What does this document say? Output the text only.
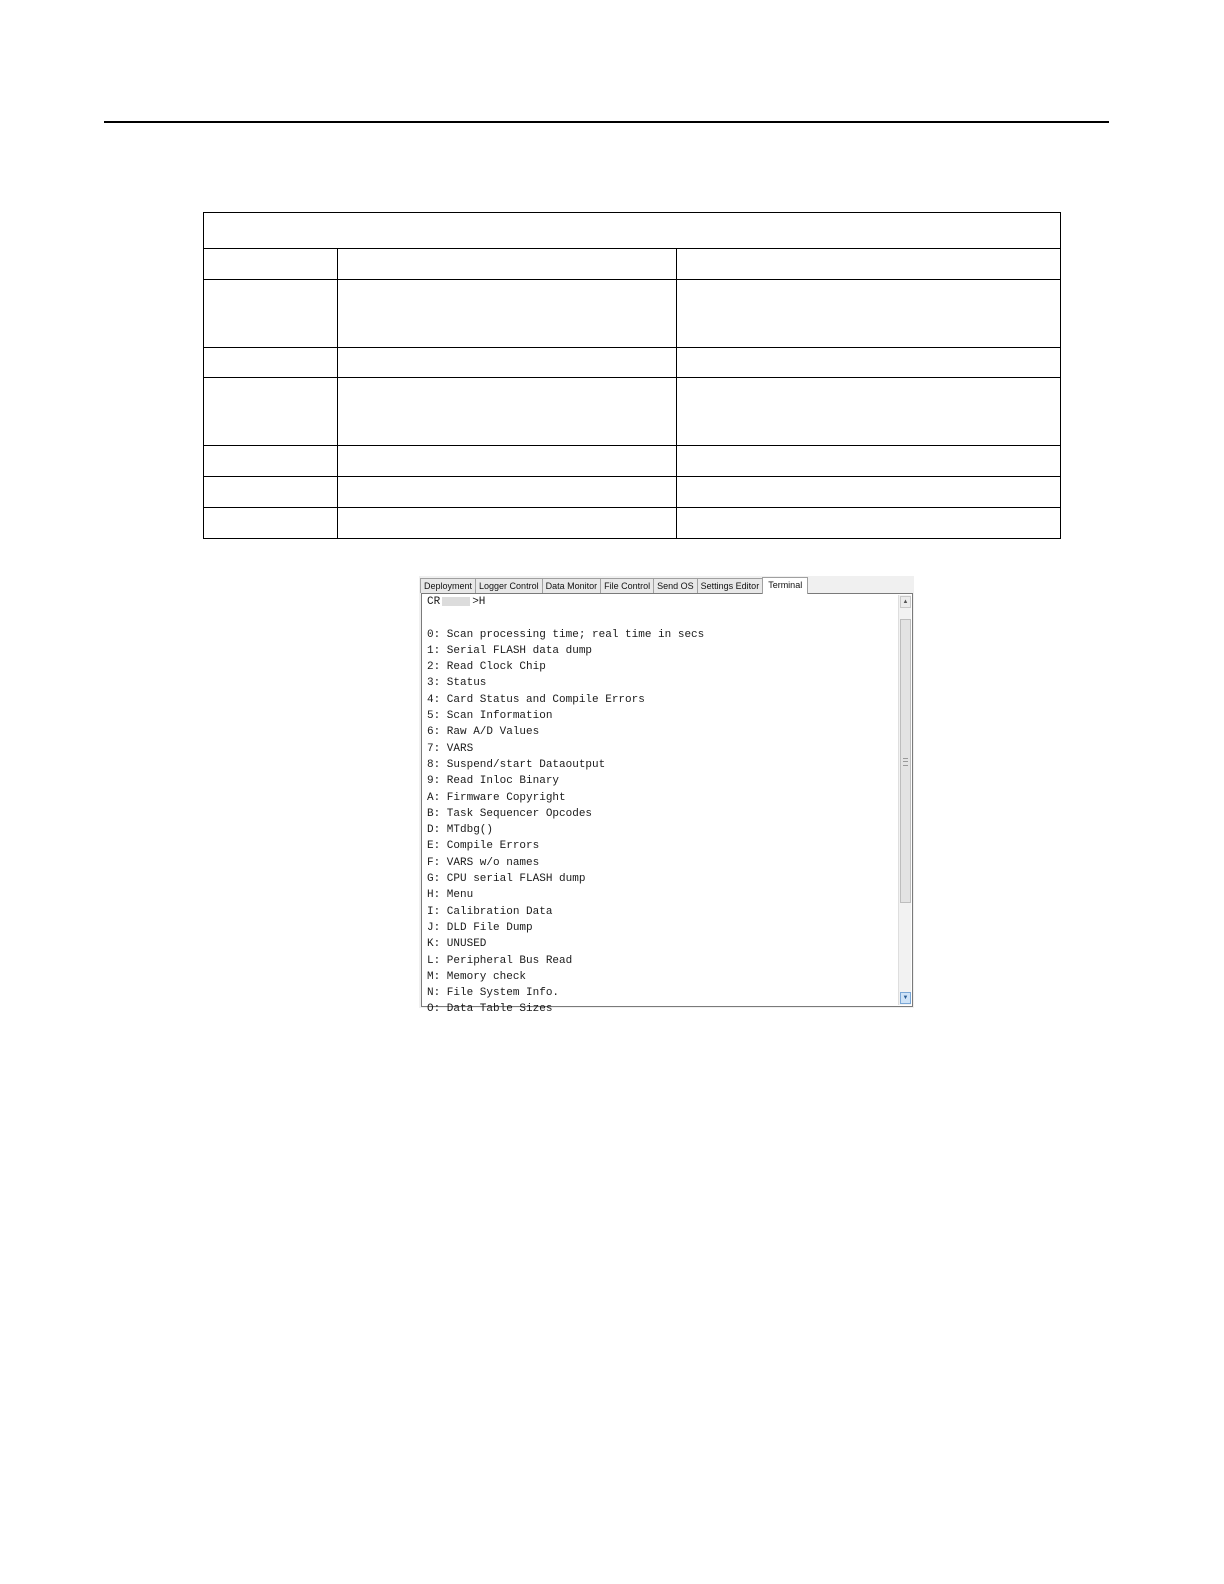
Deployment Logger Control Data Monitor File Control Send OS Settings Editor	Terminal
CR	>H

0: Scan processing time; real time in secs
1: Serial FLASH data dump
2: Read Clock Chip
3: Status
4: Card Status and Compile Errors
5: Scan Information
6: Raw A/D Values
7: VARS
8: Suspend/start Dataoutput
9: Read Inloc Binary
A: Firmware Copyright
B: Task Sequencer Opcodes
D: MTdbg()
E: Compile Errors
F: VARS w/o names
G: CPU serial FLASH dump
H: Menu
I: Calibration Data
J: DLD File Dump
K: UNUSED
L: Peripheral Bus Read
M: Memory check
N: File System Info.
O: Data Table Sizes
▲
▼
